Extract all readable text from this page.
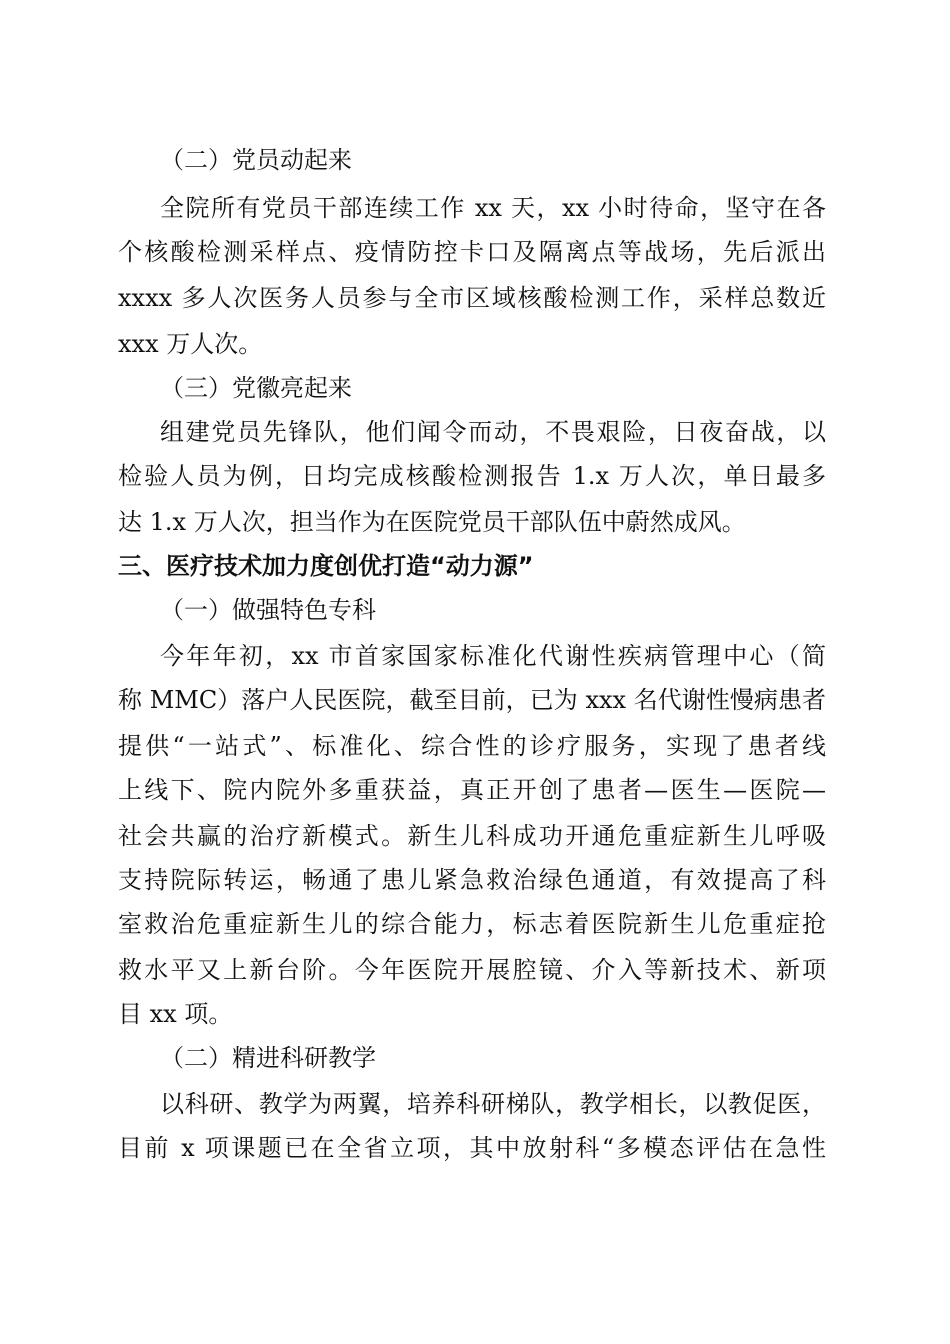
（二）党员动起来
全院所有党员干部连续工作 xx 天，xx 小时待命，坚守在各
个核酸检测采样点、疫情防控卡口及隔离点等战场，先后派出
xxxx 多人次医务人员参与全市区域核酸检测工作，采样总数近
xxx 万人次。
（三）党徽亮起来
组建党员先锋队，他们闻令而动，不畏艰险，日夜奋战，以
检验人员为例，日均完成核酸检测报告 1.x 万人次，单日最多
达 1.x 万人次，担当作为在医院党员干部队伍中蔚然成风。
三、医疗技术加力度创优打造“动力源”
（一）做强特色专科
今年年初，xx 市首家国家标准化代谢性疾病管理中心（简
称 MMC）落户人民医院，截至目前，已为 xxx 名代谢性慢病患者
提供“一站式”、标准化、综合性的诊疗服务，实现了患者线
上线下、院内院外多重获益，真正开创了患者—医生—医院—
社会共赢的治疗新模式。新生儿科成功开通危重症新生儿呼吸
支持院际转运，畅通了患儿紧急救治绿色通道，有效提高了科
室救治危重症新生儿的综合能力，标志着医院新生儿危重症抢
救水平又上新台阶。今年医院开展腔镜、介入等新技术、新项
目 xx 项。
（二）精进科研教学
以科研、教学为两翼，培养科研梯队，教学相长，以教促医，
目前 x 项课题已在全省立项，其中放射科“多模态评估在急性
